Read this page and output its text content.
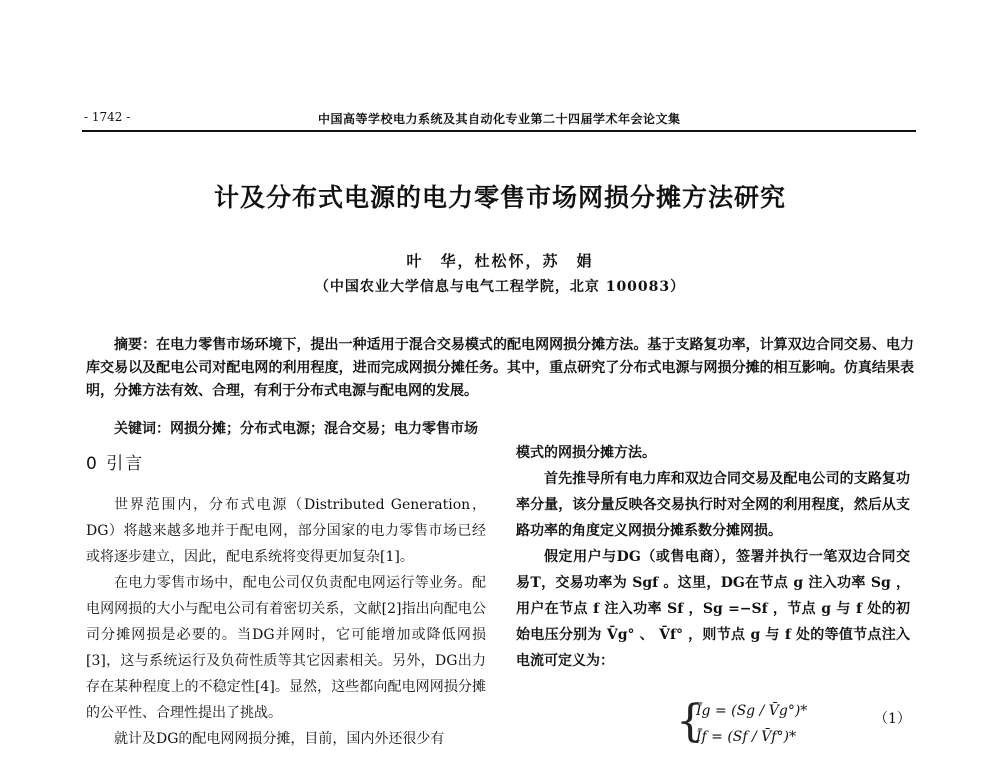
- 1742 -	中国高等学校电力系统及其自动化专业第二十四届学术年会论文集
计及分布式电源的电力零售市场网损分摊方法研究
叶　华，杜松怀，苏　娟
（中国农业大学信息与电气工程学院，北京 100083）

摘要：在电力零售市场环境下，提出一种适用于混合交易模式的配电网网损分摊方法。基于支路复功率，计算双边合同交易、电力库交易以及配电公司对配电网的利用程度，进而完成网损分摊任务。其中，重点研究了分布式电源与网损分摊的相互影响。仿真结果表明，分摊方法有效、合理，有利于分布式电源与配电网的发展。

关键词：网损分摊；分布式电源；混合交易；电力零售市场
0 引言

世界范围内，分布式电源（Distributed Generation，DG）将越来越多地并于配电网，部分国家的电力零售市场已经或将逐步建立，因此，配电系统将变得更加复杂[1]。

在电力零售市场中，配电公司仅负责配电网运行等业务。配电网网损的大小与配电公司有着密切关系，文献[2]指出向配电公司分摊网损是必要的。当DG并网时，它可能增加或降低网损[3]，这与系统运行及负荷性质等其它因素相关。另外，DG出力存在某种程度上的不稳定性[4]。显然，这些都向配电网网损分摊的公平性、合理性提出了挑战。

就计及DG的配电网网损分摊，目前，国内外还很少有

模式的网损分摊方法。

首先推导所有电力库和双边合同交易及配电公司的支路复功率分量，该分量反映各交易执行时对全网的利用程度，然后从支路功率的角度定义网损分摊系数分摊网损。

假定用户与DG（或售电商），签署并执行一笔双边合同交易T，交易功率为 Sgf 。这里，DG在节点 g 注入功率 Sg ，用户在节点 f 注入功率 Sf ，Sg =−Sf ，节点 g 与 f 处的初始电压分别为 V̄g° 、 V̄f° ，则节点 g 与 f 处的等值节点注入电流可定义为：

{
Īg = (Sg / V̄g°)*
Īf = (Sf / V̄f°)*
（1）
